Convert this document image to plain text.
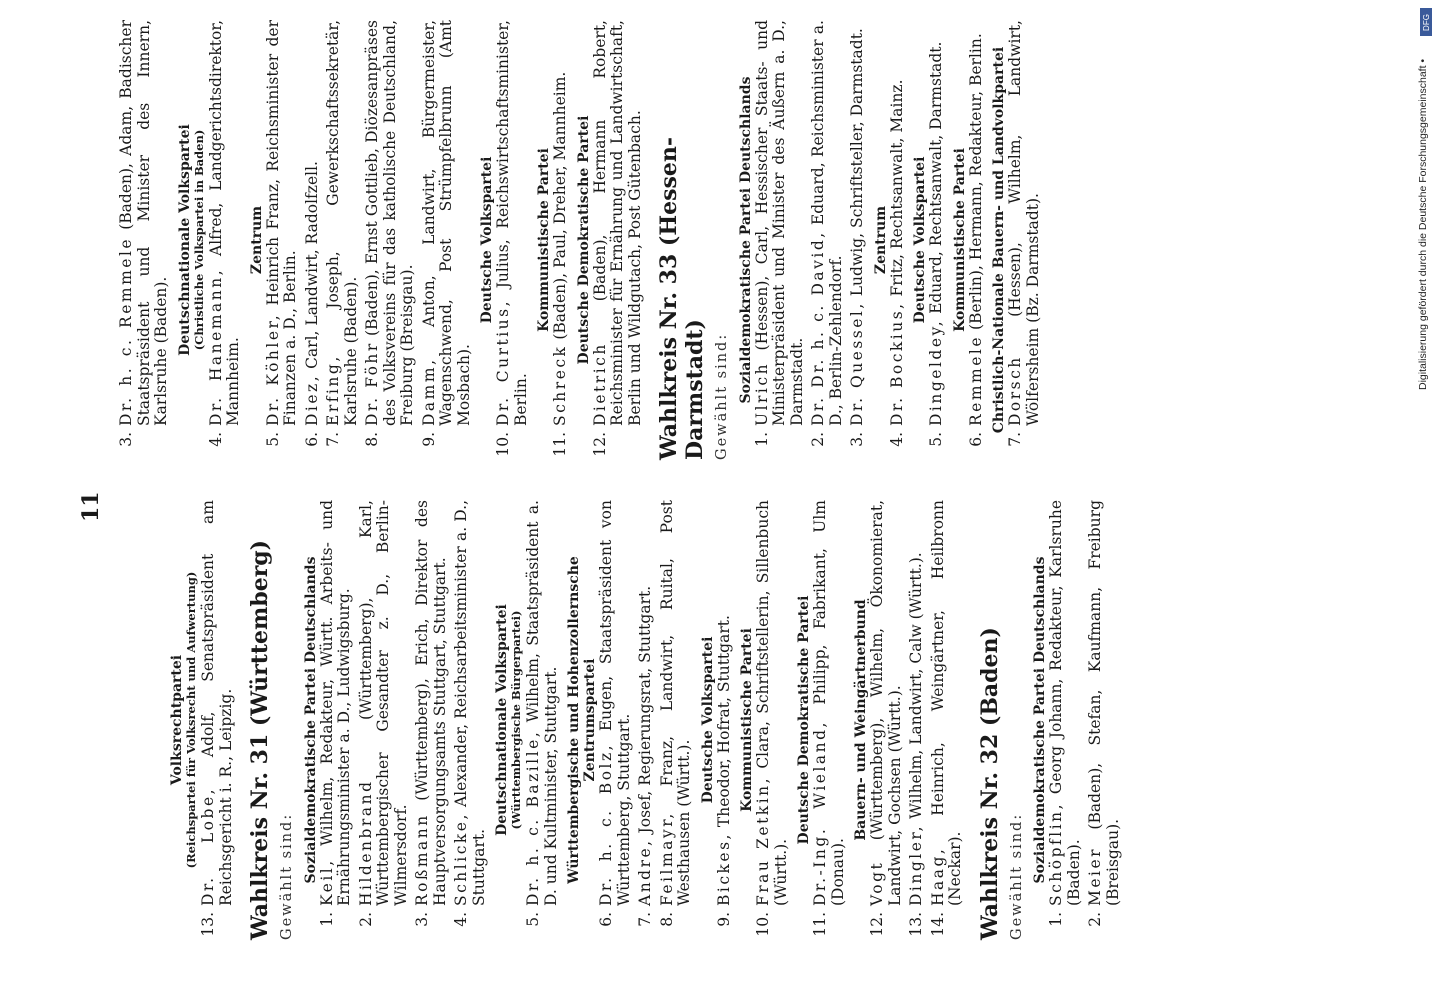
11
Volksrechtpartei (Reichspartei für Volksrecht und Aufwertung)
13.
Dr. Lobe, Adolf, Senatspräsident am Reichsgericht i. R., Leipzig. Wahlkreis Nr. 31 (Württemberg) Gewählt sind: Sozialdemokratische Partei Deutschlands
1.
Keil, Wilhelm, Redakteur, Württ. Arbeits- und Ernährungsminister a. D., Ludwigsburg.
2.
Hildenbrand (Württemberg), Karl, Württembergischer Gesandter z. D., Berlin-Wilmersdorf.
3.
Roßmann (Württemberg), Erich, Direktor des Hauptversorgungsamts Stuttgart, Stuttgart.
4.
Schlicke, Alexander, Reichsarbeitsminister a. D., Stuttgart.
Deutschnationale Volkspartei (Württembergische Bürgerpartei)
5.
Dr. h. c. Bazille, Wilhelm, Staatspräsident a. D. und Kultminister, Stuttgart. Württembergische und Hohenzollernsche Zentrumspartei
6.
Dr. h. c. Bolz, Eugen, Staatspräsident von Württemberg, Stuttgart.
7.
Andre, Josef, Regierungsrat, Stuttgart.
8.
Feilmayr, Franz, Landwirt, Ruital, Post Westhausen (Württ.).
Deutsche Volkspartei
9.
Bickes, Theodor, Hofrat, Stuttgart. Kommunistische Partei
10.
Frau Zetkin, Clara, Schriftstellerin, Sillenbuch (Württ.).
Deutsche Demokratische Partei
11.
Dr.-Ing. Wieland, Philipp, Fabrikant, Ulm (Donau).
Bauern- und Weingärtnerbund
12.
Vogt (Württemberg), Wilhelm, Ökonomierat, Landwirt, Gochsen (Württ.).
13.
Dingler, Wilhelm, Landwirt, Calw (Württ.).
14.
Haag, Heinrich, Weingärtner, Heilbronn (Neckar). Wahlkreis Nr. 32 (Baden) Gewählt sind: Sozialdemokratische Partei Deutschlands
1.
Schöpflin, Georg Johann, Redakteur, Karlsruhe (Baden).
2.
Meier (Baden), Stefan, Kaufmann, Freiburg (Breisgau).
3.
Dr. h. c. Remmele (Baden), Adam, Badischer Staatspräsident und Minister des Innern, Karlsruhe (Baden). Deutschnationale Volkspartei (Christliche Volkspartei in Baden)
4.
Dr. Hanemann, Alfred, Landgerichtsdirektor, Mannheim.
Zentrum
5.
Dr. Köhler, Heinrich Franz, Reichsminister der Finanzen a. D., Berlin.
6.
Diez, Carl, Landwirt, Radolfzell.
7.
Erfing, Joseph, Gewerkschaftssekretär, Karlsruhe (Baden).
8.
Dr. Föhr (Baden), Ernst Gottlieb, Diözesanpräses des Volksvereins für das katholische Deutschland, Freiburg (Breisgau).
9.
Damm, Anton, Landwirt, Bürgermeister, Wagenschwend, Post Strümpfelbrunn (Amt Mosbach).
Deutsche Volkspartei
10.
Dr. Curtius, Julius, Reichswirtschaftsminister, Berlin.
Kommunistische Partei
11.
Schreck (Baden), Paul, Dreher, Mannheim. Deutsche Demokratische Partei
12.
Dietrich (Baden), Hermann Robert, Reichsminister für Ernährung und Landwirtschaft, Berlin und Wildgutach, Post Gütenbach. Wahlkreis Nr. 33 (Hessen-Darmstadt) Gewählt sind: Sozialdemokratische Partei Deutschlands
1.
Ulrich (Hessen), Carl, Hessischer Staats- und Ministerpräsident und Minister des Äußern a. D., Darmstadt.
2.
Dr. Dr. h. c. David, Eduard, Reichsminister a. D., Berlin-Zehlendorf.
3.
Dr. Quessel, Ludwig, Schriftsteller, Darmstadt. Zentrum
4.
Dr. Bockius, Fritz, Rechtsanwalt, Mainz. Deutsche Volkspartei
5.
Dingeldey, Eduard, Rechtsanwalt, Darmstadt. Kommunistische Partei
6.
Remmele (Berlin), Hermann, Redakteur, Berlin. Christlich-Nationale Bauern- und Landvolkpartei
7.
Dorsch (Hessen), Wilhelm, Landwirt, Wölfersheim (Bz. Darmstadt).
DFG
Digitalisierung gefördert durch die Deutsche Forschungsgemeinschaft •
